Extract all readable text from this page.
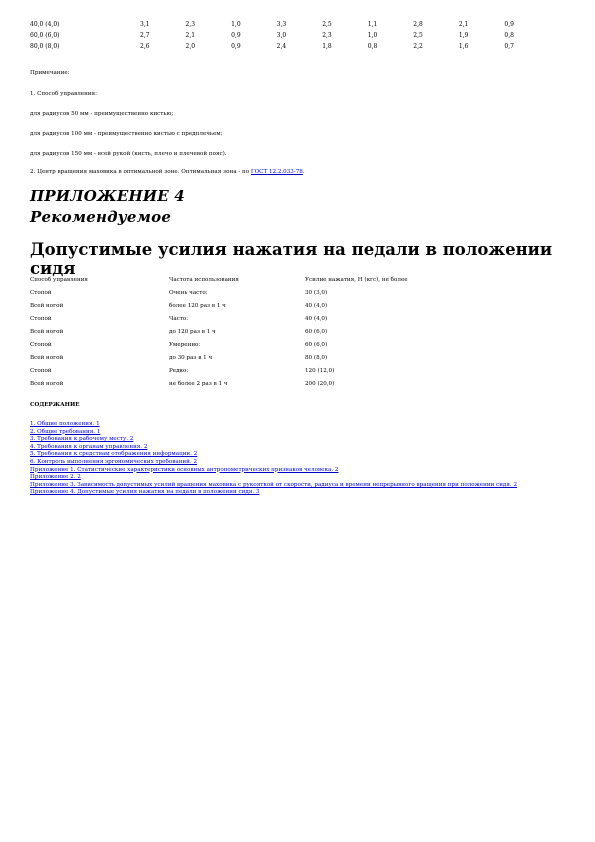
40,0 (4,0)	3,1	2,3	1,0	3,3	2,5	1,1	2,8	2,1	0,9
60,0 (6,0)	2,7	2,1	0,9	3,0	2,3	1,0	2,5	1,9	0,8
80,0 (8,0)	2,6	2,0	0,9	2,4	1,8	0,8	2,2	1,6	0,7
Примечание:
1. Способ управления:
для радиусов 50 мм - преимущественно кистью;
для радиусов 100 мм - преимущественно кистью с предплечьем;
для радиусов 150 мм - всей рукой (кисть, плечо и плечевой пояс).
2. Центр вращения маховика в оптимальной зоне. Оптимальная зона - по ГОСТ 12.2.033-78.
ПРИЛОЖЕНИЕ 4
Рекомендуемое
Допустимые усилия нажатия на педали в положении сидя
Способ управления	Частота использования	Усилие нажатия, Н (кгс), не более
Стопой	Очень часто:	30 (3,0)
Всей ногой	более 120 раз в 1 ч	40 (4,0)
Стопой	Часто:	40 (4,0)
Всей ногой	до 120 раз в 1 ч	60 (6,0)
Стопой	Умеренно:	60 (6,0)
Всей ногой	до 30 раз в 1 ч	80 (8,0)
Стопой	Редко:	120 (12,0)
Всей ногой	не более 2 раз в 1 ч	200 (20,0)
СОДЕРЖАНИЕ
1. Общие положения. 1
2. Общие требования. 1
3. Требования к рабочему месту. 2
4. Требования к органам управления. 2
5. Требования к средствам отображения информации. 2
6. Контроль выполнения эргономических требований. 2
Приложение 1. Статистические характеристики основных антропометрических признаков человека. 2
Приложение 2. 2
Приложение 3. Зависимость допустимых усилий вращения маховика с рукояткой от скорости, радиуса и времени непрерывного вращения при положении сидя. 2
Приложение 4. Допустимые усилия нажатия на педали в положении сидя. 3
